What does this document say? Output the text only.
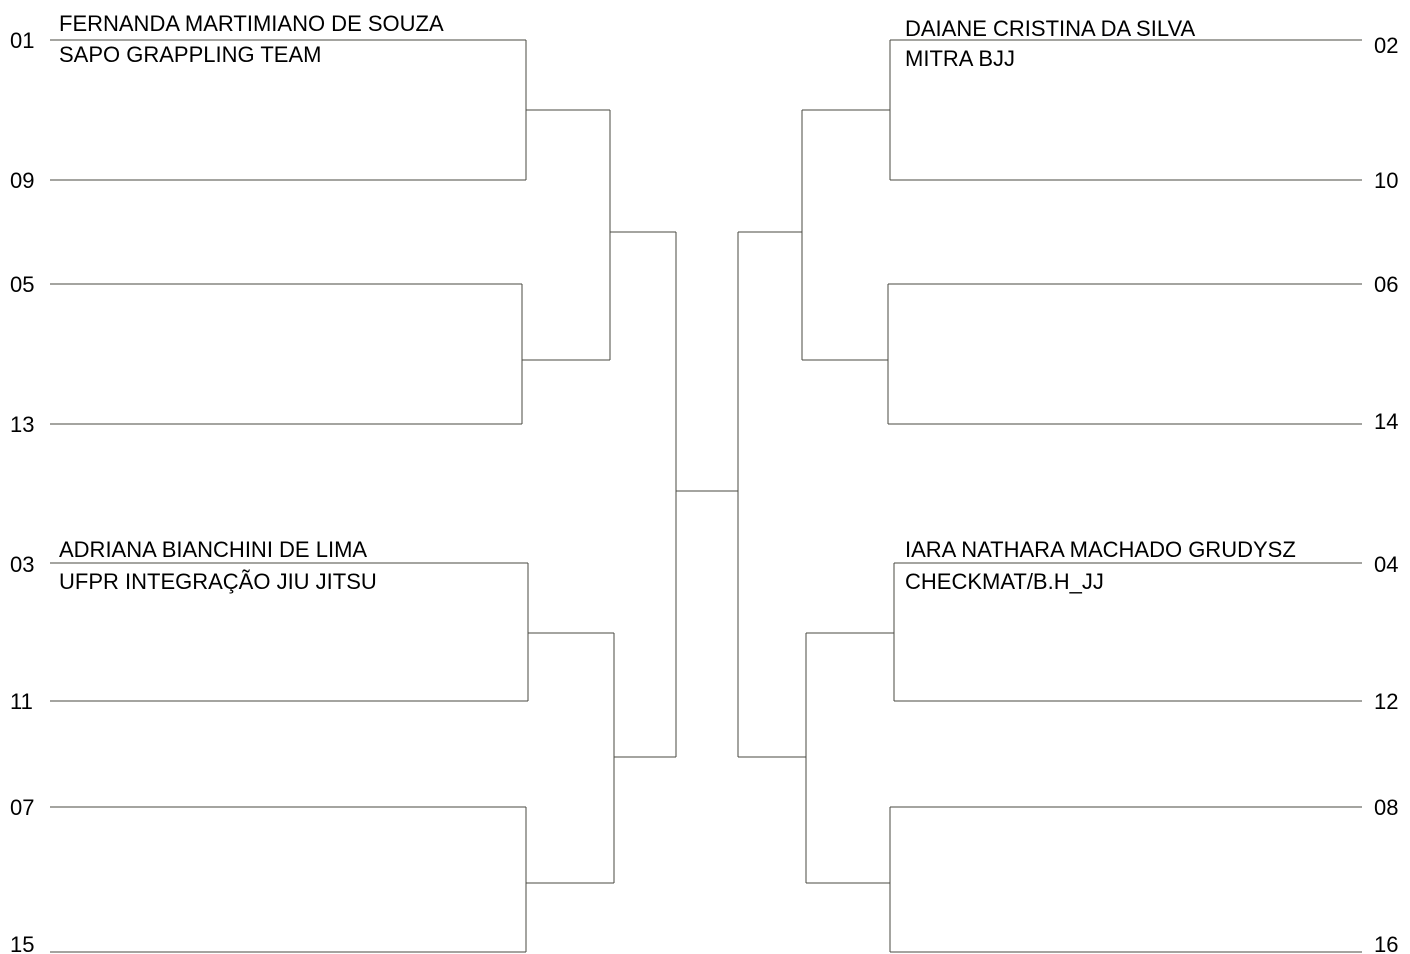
01
09
05
13
03
11
07
15
FERNANDA MARTIMIANO DE SOUZA
SAPO GRAPPLING TEAM
ADRIANA BIANCHINI DE LIMA
UFPR INTEGRAÇÃO JIU JITSU
02
10
06
14
04
12
08
16
DAIANE CRISTINA DA SILVA
MITRA BJJ
IARA NATHARA MACHADO GRUDYSZ
CHECKMAT/B.H_JJ
